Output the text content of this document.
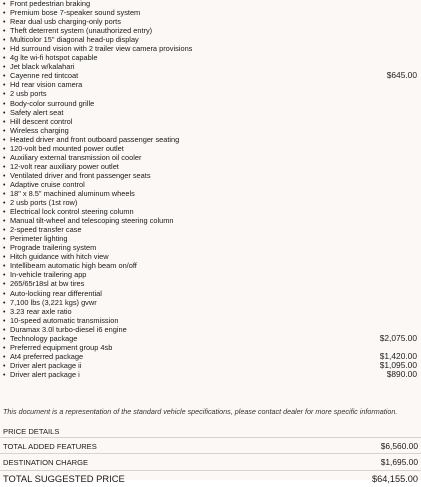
• Front pedestrian braking
• Premium bose 7-speaker sound system
• Rear dual usb charging-only ports
• Theft deterrent system (unauthorized entry)
• Multicolor 15" diagonal head-up display
• Hd surround vision with 2 trailer view camera provisions
• 4g lte wi-fi hotspot capable
• Jet black w/kalahari
• Cayenne red tintcoat	$645.00
• Hd rear vision camera
• 2 usb ports
• Body-color surround grille
• Safety alert seat
• Hill descent control
• Wireless charging
• Heated driver and front outboard passenger seating
• 120-volt bed mounted power outlet
• Auxiliary external transmission oil cooler
• 12-volt rear auxiliary power outlet
• Ventilated driver and front passenger seats
• Adaptive cruise control
• 18" x 8.5" machined aluminum wheels
• 2 usb ports (1st row)
• Electrical lock control steering column
• Manual tilt-wheel and telescoping steering column
• 2-speed transfer case
• Perimeter lighting
• Prograde trailering system
• Hitch guidance with hitch view
• Intellibeam automatic high beam on/off
• In-vehicle trailering app
• 265/65r18sl at bw tires
• Auto-locking rear differential
• 7,100 lbs (3,221 kgs) gvwr
• 3.23 rear axle ratio
• 10-speed automatic transmission
• Duramax 3.0l turbo-diesel i6 engine
• Technology package	$2,075.00
• Preferred equipment group 4sb
• At4 preferred package	$1,420.00
• Driver alert package ii	$1,095.00
• Driver alert package i	$890.00

This document is a representation of the standard vehicle specifications, please contact dealer for more specific information.

PRICE DETAILS
TOTAL ADDED FEATURES	$6,560.00
DESTINATION CHARGE	$1,695.00
TOTAL SUGGESTED PRICE	$64,155.00
